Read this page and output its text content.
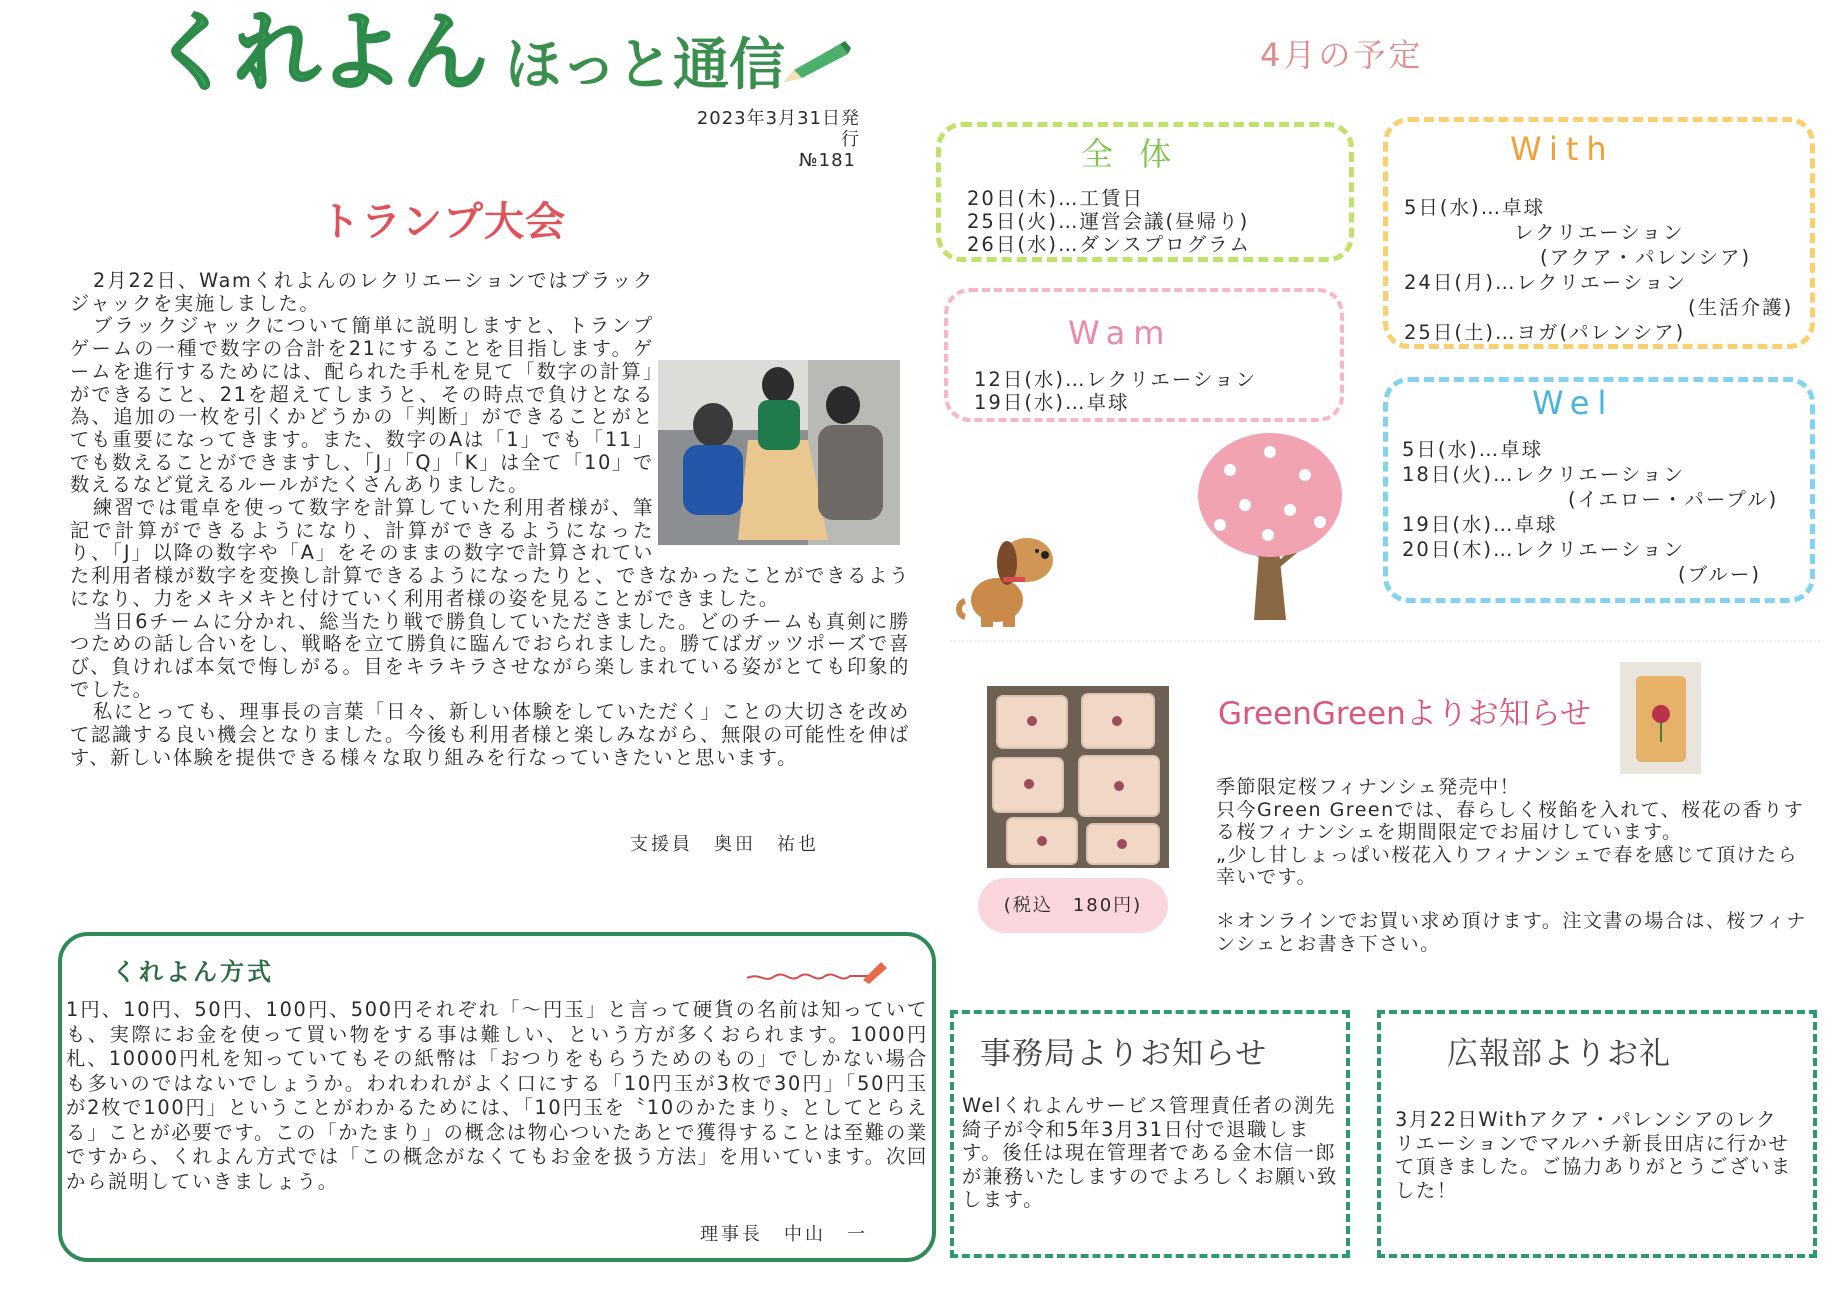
くれよん ほっと通信
2023年3月31日発行
№181
トランプ大会

2月22日、Wamくれよんのレクリエーションではブラックジャックを実施しました。

ブラックジャックについて簡単に説明しますと、トランプゲームの一種で数字の合計を21にすることを目指します。ゲームを進行するためには、配られた手札を見て「数字の計算」ができること、21を超えてしまうと、その時点で負けとなる為、追加の一枚を引くかどうかの「判断」ができることがとても重要になってきます。また、数字のAは「1」でも「11」でも数えることができますし、「J」「Q」「K」は全て「10」で数えるなど覚えるルールがたくさんありました。

練習では電卓を使って数字を計算していた利用者様が、筆記で計算ができるようになり、計算ができるようになったり、「J」以降の数字や「A」をそのままの数字で計算されていた利用者様が数字を変換し計算できるようになったりと、できなかったことができるようになり、力をメキメキと付けていく利用者様の姿を見ることができました。

当日6チームに分かれ、総当たり戦で勝負していただきました。どのチームも真剣に勝つための話し合いをし、戦略を立て勝負に臨んでおられました。勝てばガッツポーズで喜び、負ければ本気で悔しがる。目をキラキラさせながら楽しまれている姿がとても印象的でした。

私にとっても、理事長の言葉「日々、新しい体験をしていただく」ことの大切さを改めて認識する良い機会となりました。今後も利用者様と楽しみながら、無限の可能性を伸ばす、新しい体験を提供できる様々な取り組みを行なっていきたいと思います。

支援員　奥田　祐也
くれよん方式
1円、10円、50円、100円、500円それぞれ「〜円玉」と言って硬貨の名前は知っていても、実際にお金を使って買い物をする事は難しい、という方が多くおられます。1000円札、10000円札を知っていてもその紙幣は「おつりをもらうためのもの」でしかない場合も多いのではないでしょうか。われわれがよく口にする「10円玉が3枚で30円」「50円玉が2枚で100円」ということがわかるためには、「10円玉を〝10のかたまり〟としてとらえる」ことが必要です。この「かたまり」の概念は物心ついたあとで獲得することは至難の業ですから、くれよん方式では「この概念がなくてもお金を扱う方法」を用いています。次回から説明していきましょう。
理事長　中山　一
4月の予定
全 体
20日(木)…工賃日
25日(火)…運営会議(昼帰り)
26日(水)…ダンスプログラム
Wam
12日(水)…レクリエーション
19日(水)…卓球
With
5日(水)…卓球
レクリエーション
(アクア・パレンシア)
24日(月)…レクリエーション
(生活介護)
25日(土)…ヨガ(パレンシア)
Wel
5日(水)…卓球
18日(火)…レクリエーション
(イエロー・パープル)
19日(水)…卓球
20日(木)…レクリエーション
(ブルー)
GreenGreenよりお知らせ
(税込　180円)
季節限定桜フィナンシェ発売中！
只今Green Greenでは、春らしく桜餡を入れて、桜花の香りする桜フィナンシェを期間限定でお届けしています。
„少し甘しょっぱい桜花入りフィナンシェで春を感じて頂けたら幸いです。
＊オンラインでお買い求め頂けます。注文書の場合は、桜フィナンシェとお書き下さい。
事務局よりお知らせ
Welくれよんサービス管理責任者の渕先綺子が令和5年3月31日付で退職します。後任は現在管理者である金木信一郎が兼務いたしますのでよろしくお願い致します。
広報部よりお礼
3月22日Withアクア・パレンシアのレクリエーションでマルハチ新長田店に行かせて頂きました。ご協力ありがとうございました！
